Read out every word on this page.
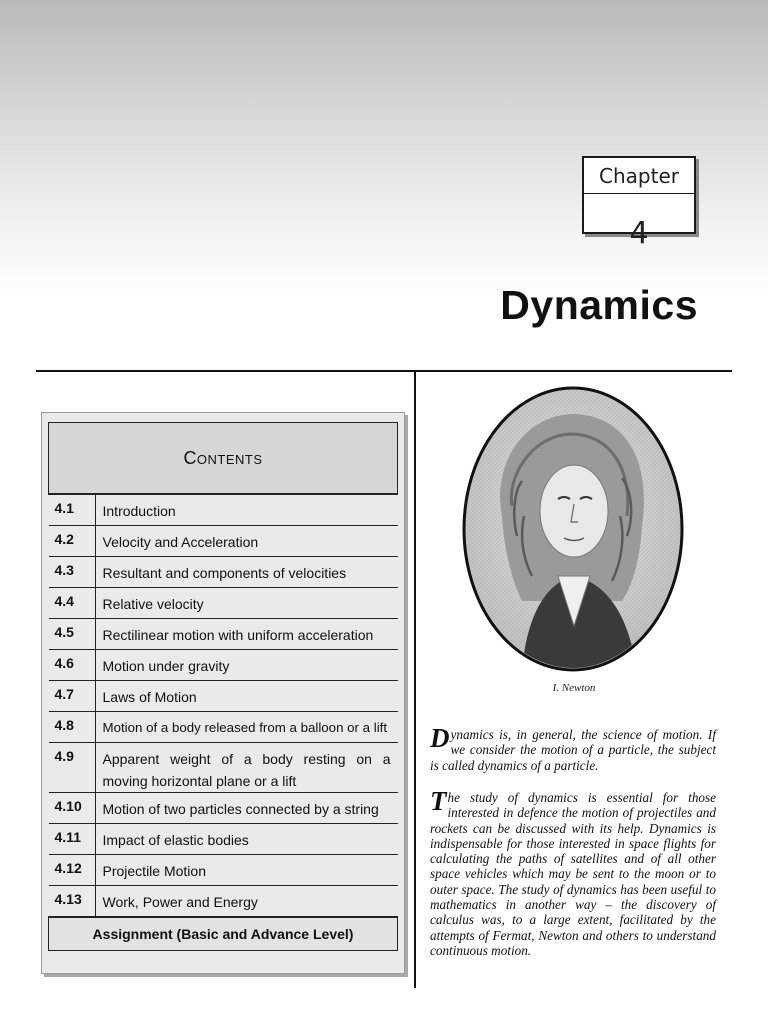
Chapter
4
Dynamics
Contents	
4.1	Introduction
4.2	Velocity and Acceleration
4.3	Resultant and components of velocities
4.4	Relative velocity
4.5	Rectilinear motion with uniform acceleration
4.6	Motion under gravity
4.7	Laws of Motion
4.8	Motion of a body released from a balloon or a lift
4.9	Apparent weight of a body resting on a moving horizontal plane or a lift
4.10	Motion of two particles connected by a string
4.11	Impact of elastic bodies
4.12	Projectile Motion
4.13	Work, Power and Energy
Assignment (Basic and Advance Level)	
I. Newton
Dynamics is, in general, the science of motion. If we consider the motion of a particle, the subject is called dynamics of a particle.
The study of dynamics is essential for those interested in defence the motion of projectiles and rockets can be discussed with its help. Dynamics is indispensable for those interested in space flights for calculating the paths of satellites and of all other space vehicles which may be sent to the moon or to outer space. The study of dynamics has been useful to mathematics in another way – the discovery of calculus was, to a large extent, facilitated by the attempts of Fermat, Newton and others to understand continuous motion.
